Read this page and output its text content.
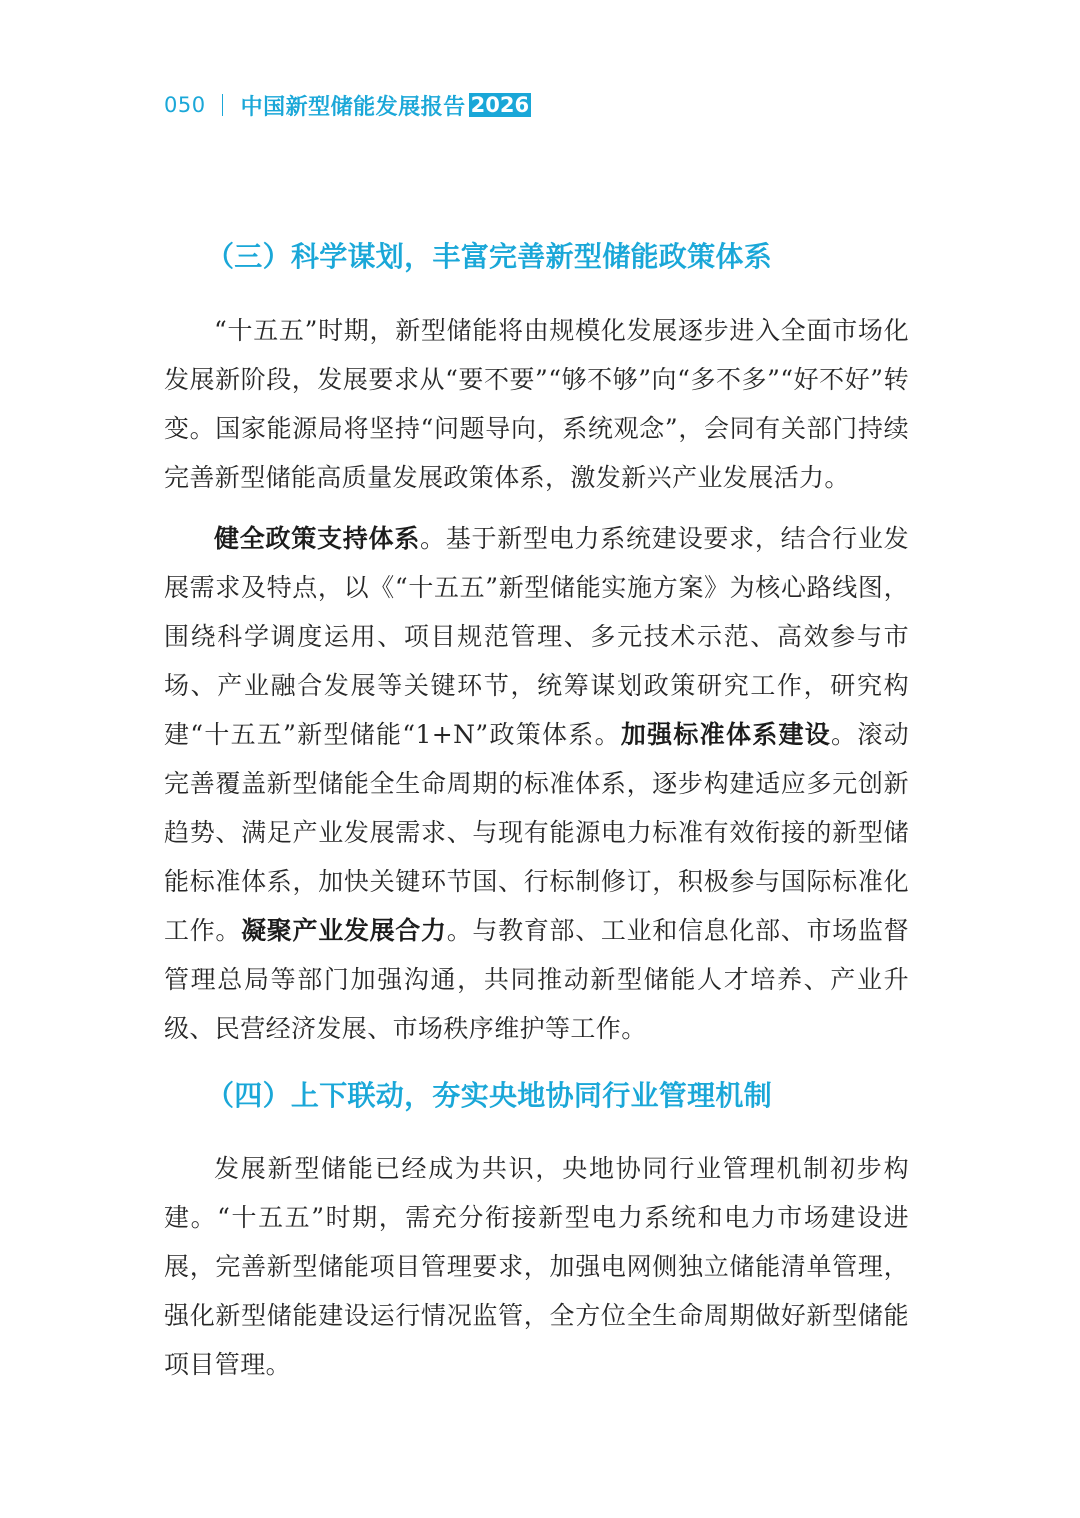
050 中国新型储能发展报告 2026
（三）科学谋划，丰富完善新型储能政策体系

“十五五”时期，新型储能将由规模化发展逐步进入全面市场化发展新阶段，发展要求从“要不要”“够不够”向“多不多”“好不好”转变。国家能源局将坚持“问题导向，系统观念”，会同有关部门持续完善新型储能高质量发展政策体系，激发新兴产业发展活力。

健全政策支持体系。基于新型电力系统建设要求，结合行业发展需求及特点，以《“十五五”新型储能实施方案》为核心路线图，围绕科学调度运用、项目规范管理、多元技术示范、高效参与市场、产业融合发展等关键环节，统筹谋划政策研究工作，研究构建“十五五”新型储能“1+N”政策体系。加强标准体系建设。滚动完善覆盖新型储能全生命周期的标准体系，逐步构建适应多元创新趋势、满足产业发展需求、与现有能源电力标准有效衔接的新型储能标准体系，加快关键环节国、行标制修订，积极参与国际标准化工作。凝聚产业发展合力。与教育部、工业和信息化部、市场监督管理总局等部门加强沟通，共同推动新型储能人才培养、产业升级、民营经济发展、市场秩序维护等工作。

（四）上下联动，夯实央地协同行业管理机制

发展新型储能已经成为共识，央地协同行业管理机制初步构建。“十五五”时期，需充分衔接新型电力系统和电力市场建设进展，完善新型储能项目管理要求，加强电网侧独立储能清单管理，强化新型储能建设运行情况监管，全方位全生命周期做好新型储能项目管理。
